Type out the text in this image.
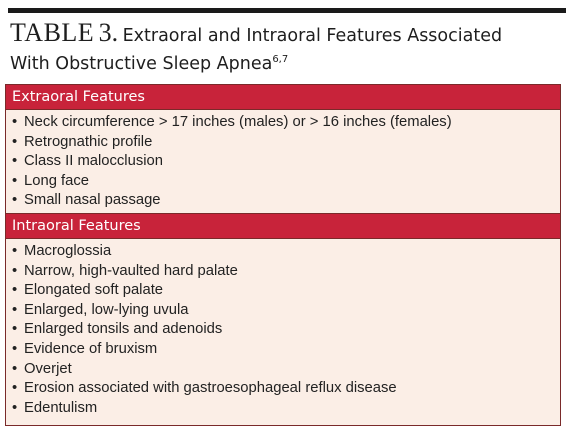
TABLE 3. Extraoral and Intraoral Features Associated
With Obstructive Sleep Apnea$^{6,7}$
Extraoral Features
• Neck circumference > 17 inches (males) or > 16 inches (females)
• Retrognathic profile
• Class II malocclusion
• Long face
• Small nasal passage
Intraoral Features
• Macroglossia
• Narrow, high-vaulted hard palate
• Elongated soft palate
• Enlarged, low-lying uvula
• Enlarged tonsils and adenoids
• Evidence of bruxism
• Overjet
• Erosion associated with gastroesophageal reflux disease
• Edentulism
